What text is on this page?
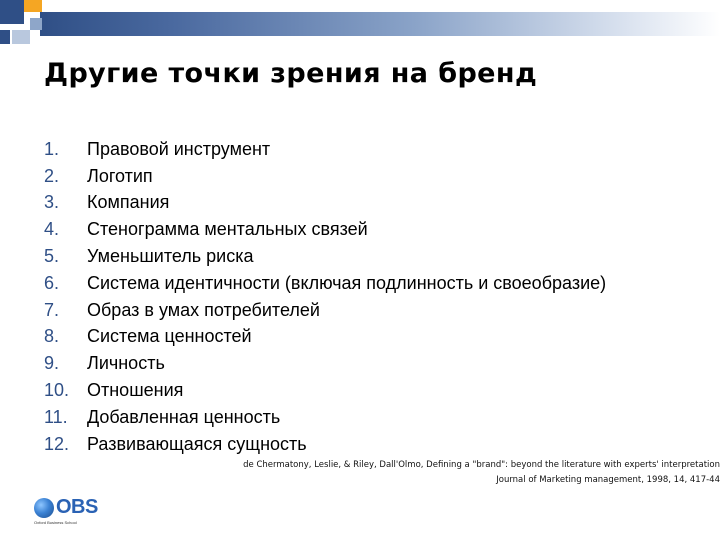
Другие точки зрения на бренд
1.	Правовой инструмент
2.	Логотип
3.	Компания
4.	Стенограмма ментальных связей
5.	Уменьшитель риска
6.	Система идентичности (включая подлинность и своеобразие)
7.	Образ в умах потребителей
8.	Система ценностей
9.	Личность
10. Отношения
11.	Добавленная ценность
12. Развивающаяся сущность
de Chermatony, Leslie, & Riley, Dall'Olmo, Defining a "brand": beyond the literature with experts' interpretation
Journal of Marketing management, 1998, 14, 417-44
OBS
Oxford Business School
